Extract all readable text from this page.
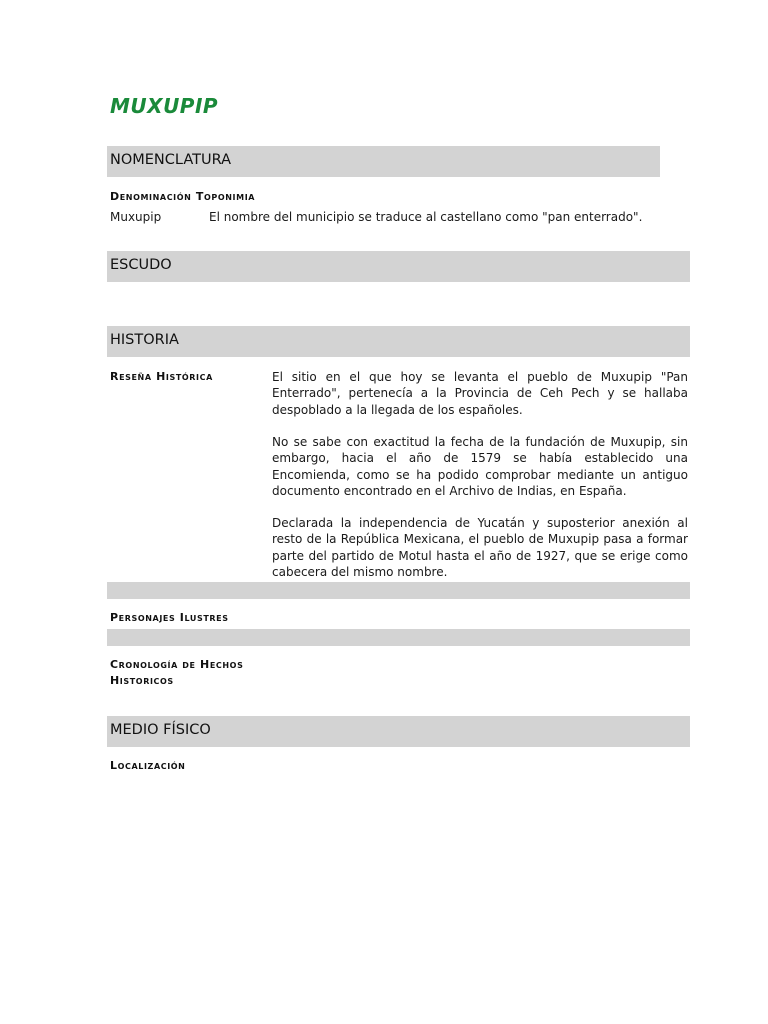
MUXUPIP
NOMENCLATURA
Denominación Toponimia
Muxupip	El nombre del municipio se traduce al castellano como "pan enterrado".
ESCUDO
HISTORIA
Reseña Histórica	El sitio en el que hoy se levanta el pueblo de Muxupip "Pan Enterrado", pertenecía a la Provincia de Ceh Pech y se hallaba despoblado a la llegada de los españoles.
No se sabe con exactitud la fecha de la fundación de Muxupip, sin embargo, hacia el año de 1579 se había establecido una Encomienda, como se ha podido comprobar mediante un antiguo documento encontrado en el Archivo de Indias, en España.
Declarada la independencia de Yucatán y suposterior anexión al resto de la República Mexicana, el pueblo de Muxupip pasa a formar parte del partido de Motul hasta el año de 1927, que se erige como cabecera del mismo nombre.
Personajes Ilustres
Cronología de Hechos
Historicos
MEDIO FÍSICO
Localización
